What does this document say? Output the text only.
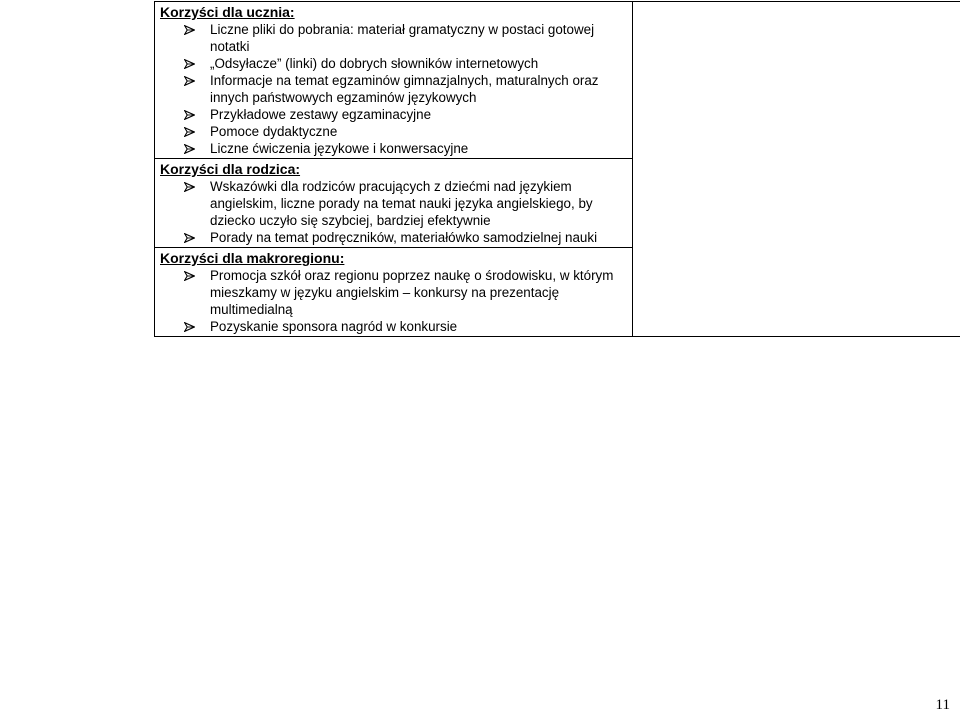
Korzyści dla ucznia:

Liczne pliki do pobrania: materiał gramatyczny w postaci gotowej notatki
„Odsyłacze” (linki) do dobrych słowników internetowych
Informacje na temat egzaminów gimnazjalnych, maturalnych oraz innych państwowych egzaminów językowych
Przykładowe zestawy egzaminacyjne
Pomoce dydaktyczne
Liczne ćwiczenia językowe i konwersacyjne

Korzyści dla rodzica:

Wskazówki dla rodziców pracujących z dziećmi nad językiem angielskim, liczne porady na temat nauki języka angielskiego, by dziecko uczyło się szybciej, bardziej efektywnie
Porady na temat podręczników, materiałówko samodzielnej nauki

Korzyści dla makroregionu:

Promocja szkół oraz regionu poprzez naukę o środowisku, w którym mieszkamy w języku angielskim – konkursy na prezentację multimedialną
Pozyskanie sponsora nagród w konkursie
11
